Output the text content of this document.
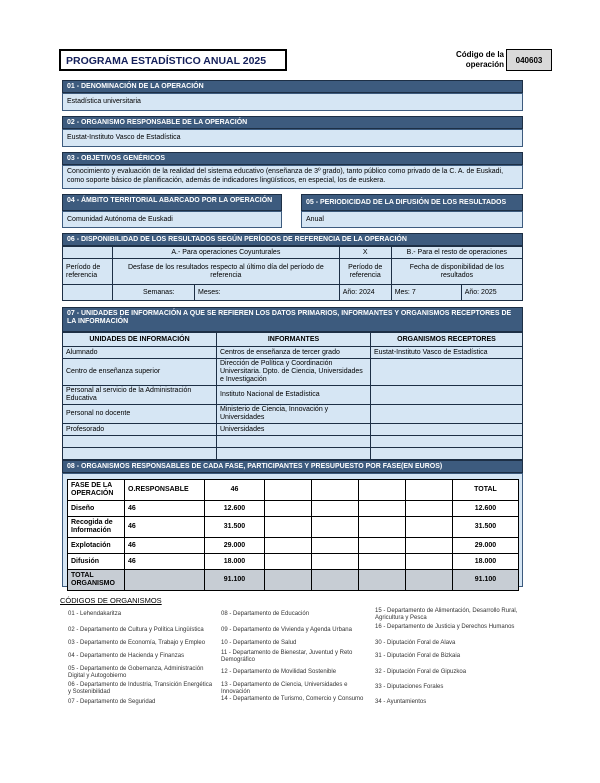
PROGRAMA ESTADÍSTICO ANUAL 2025
Código de la operación	040603
01 - DENOMINACIÓN DE LA OPERACIÓN
Estadística universitaria
02 - ORGANISMO RESPONSABLE DE LA OPERACIÓN
Eustat-Instituto Vasco de Estadística
03 - OBJETIVOS GENÉRICOS
Conocimiento y evaluación de la realidad del sistema educativo (enseñanza de 3º grado), tanto público como privado de la C. A. de Euskadi, como soporte básico de planificación, además de indicadores lingüísticos, en especial, los de euskera.
04 - ÁMBITO TERRITORIAL ABARCADO POR LA OPERACIÓN
Comunidad Autónoma de Euskadi
05 - PERIODICIDAD DE LA DIFUSIÓN DE LOS RESULTADOS
Anual
06 - DISPONIBILIDAD DE LOS RESULTADOS SEGÚN PERÍODOS DE REFERENCIA DE LA OPERACIÓN
	A.- Para operaciones Coyunturales		X	B.- Para el resto de operaciones	
Período de referencia	Desfase de los resultados respecto al último día del período de referencia		Período de referencia	Fecha de disponibilidad de los resultados	
	Semanas:	Meses:	Año: 2024	Mes: 7	Año: 2025
07 - UNIDADES DE INFORMACIÓN A QUE SE REFIEREN LOS DATOS PRIMARIOS, INFORMANTES Y ORGANISMOS RECEPTORES DE LA INFORMACIÓN
UNIDADES DE INFORMACIÓN	INFORMANTES	ORGANISMOS RECEPTORES
Alumnado	Centros de enseñanza de tercer grado	Eustat-Instituto Vasco de Estadística
Centro de enseñanza superior	Dirección de Política y Coordinación Universitaria. Dpto. de Ciencia, Universidades e Investigación	
Personal al servicio de la Administración Educativa	Instituto Nacional de Estadística	
Personal no docente	Ministerio de Ciencia, Innovación y Universidades	
Profesorado	Universidades	

08 - ORGANISMOS RESPONSABLES DE CADA FASE, PARTICIPANTES Y PRESUPUESTO POR FASE(EN EUROS)
FASE DE LA OPERACIÓN	O.RESPONSABLE	46					TOTAL
Diseño	46	12.600					12.600
Recogida de Información	46	31.500					31.500
Explotación	46	29.000					29.000
Difusión	46	18.000					18.000
TOTAL ORGANISMO		91.100					91.100
CÓDIGOS DE ORGANISMOS
01 - Lehendakaritza
02 - Departamento de Cultura y Política Lingüística
03 - Departamento de Economía, Trabajo y Empleo
04 - Departamento de Hacienda y Finanzas
05 - Departamento de Gobernanza, Administración Digital y Autogobierno
06 - Departamento de Industria, Transición Energética y Sostenibilidad
07 - Departamento de Seguridad
08 - Departamento de Educación
09 - Departamento de Vivienda y Agenda Urbana
10 - Departamento de Salud
11 - Departamento de Bienestar, Juventud y Reto Demográfico
12 - Departamento de Movilidad Sostenible
13 - Departamento de Ciencia, Universidades e Innovación
14 - Departamento de Turismo, Comercio y Consumo
15 - Departamento de Alimentación, Desarrollo Rural, Agricultura y Pesca
16 - Departamento de Justicia y Derechos Humanos
30 - Diputación Foral de Alava
31 - Diputación Foral de Bizkaia
32 - Diputación Foral de Gipuzkoa
33 - Diputaciones Forales
34 - Ayuntamientos
